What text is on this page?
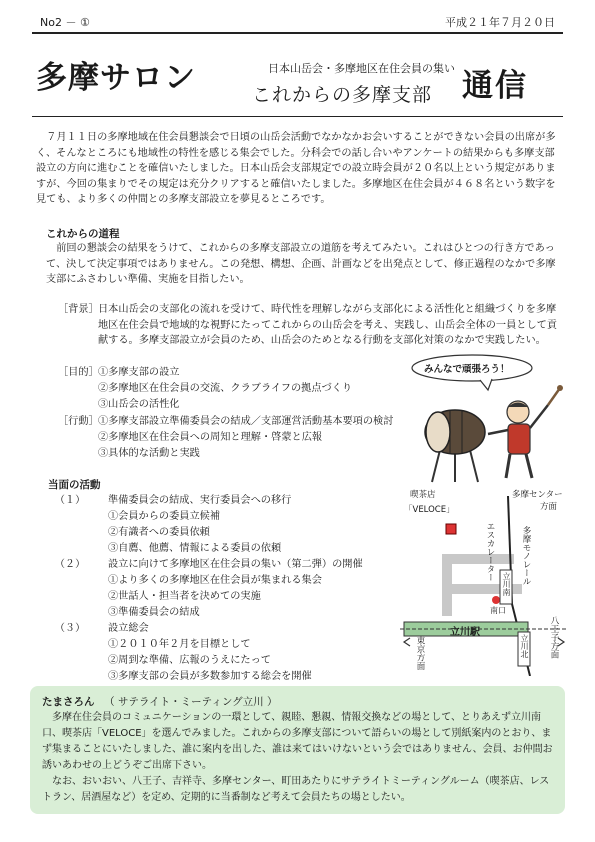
No2 － ①	平成２１年７月２０日
多摩サロン	日本山岳会・多摩地区在住会員の集い
これからの多摩支部 通信

７月１１日の多摩地域在住会員懇談会で日頃の山岳会活動でなかなかお会いすることができない会員の出席が多く、そんなところにも地域性の特性を感じる集会でした。分科会での話し合いやアンケートの結果からも多摩支部設立の方向に進むことを確信いたしました。日本山岳会支部規定での設立時会員が２０名以上という規定がありますが、今回の集まりでその規定は充分クリアすると確信いたしました。多摩地区在住会員が４６８名という数字を見ても、より多くの仲間との多摩支部設立を夢見るところです。

これからの道程

前回の懇談会の結果をうけて、これからの多摩支部設立の道筋を考えてみたい。これはひとつの行き方であって、決して決定事項ではありません。この発想、構想、企画、計画などを出発点として、修正過程のなかで多摩支部にふさわしい準備、実施を目指したい。

［背景］ 日本山岳会の支部化の流れを受けて、時代性を理解しながら支部化による活性化と組織づくりを多摩地区在住会員で地域的な視野にたってこれからの山岳会を考え、実践し、山岳会全体の一員として貢献する。多摩支部設立が会員のため、山岳会のためとなる行動を支部化対策のなかで実践したい。
［目的］ ①多摩支部の設立
②多摩地区在住会員の交流、クラブライフの拠点づくり
③山岳会の活性化
［行動］ ①多摩支部設立準備委員会の結成／支部運営活動基本要項の検討
②多摩地区在住会員への周知と理解・啓蒙と広報
③具体的な活動と実践
みんなで頑張ろう！
当面の活動
（１）	準備委員会の結成、実行委員会への移行
①会員からの委員立候補
②有識者への委員依頼
③自薦、他薦、情報による委員の依頼
（２）	設立に向けて多摩地区在住会員の集い（第二弾）の開催
①より多くの多摩地区在住会員が集まれる集会
②世話人・担当者を決めての実施
③準備委員会の結成
（３）	設立総会
①２０１０年２月を目標として
②周到な準備、広報のうえにたって
③多摩支部の会員が多数参加する総会を開催
喫茶店
「VELOCE」
多摩センター
方面
エスカレーター	多摩モノレール
立川南
南口
立川駅
東京方面	八王子方面
立川北
たまさろん （ サテライト・ミーティング立川 ）

多摩在住会員のコミュニケーションの一環として、親睦、懇親、情報交換などの場として、とりあえず立川南口、喫茶店「VELOCE」を選んでみました。これからの多摩支部について語らいの場として別紙案内のとおり、まず集まることにいたしました、誰に案内を出した、誰は来てはいけないという会ではありません、会員、お仲間お誘いあわせの上どうぞご出席下さい。

なお、おいおい、八王子、吉祥寺、多摩センター、町田あたりにサテライトミーティングルーム（喫茶店、レストラン、居酒屋など）を定め、定期的に当番制など考えて会員たちの場としたい。
